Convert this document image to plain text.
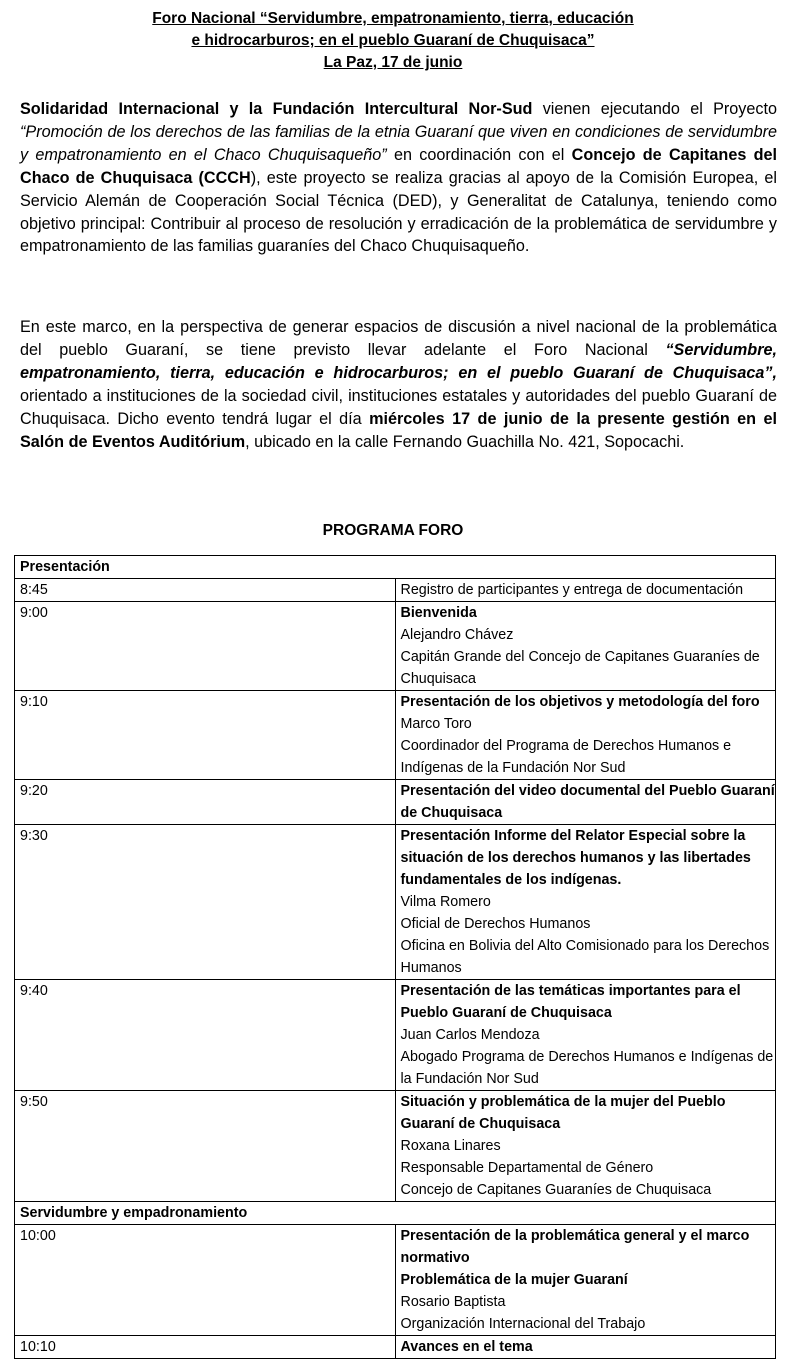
Foro Nacional “Servidumbre, empatronamiento, tierra, educación
e hidrocarburos; en el pueblo Guaraní de Chuquisaca”
La Paz, 17 de junio
Solidaridad Internacional y la Fundación Intercultural Nor-Sud vienen ejecutando el Proyecto “Promoción de los derechos de las familias de la etnia Guaraní que viven en condiciones de servidumbre y empatronamiento en el Chaco Chuquisaqueño” en coordinación con el Concejo de Capitanes del Chaco de Chuquisaca (CCCH), este proyecto se realiza gracias al apoyo de la Comisión Europea, el Servicio Alemán de Cooperación Social Técnica (DED), y Generalitat de Catalunya, teniendo como objetivo principal: Contribuir al proceso de resolución y erradicación de la problemática de servidumbre y empatronamiento de las familias guaraníes del Chaco Chuquisaqueño.
En este marco, en la perspectiva de generar espacios de discusión a nivel nacional de la problemática del pueblo Guaraní, se tiene previsto llevar adelante el Foro Nacional “Servidumbre, empatronamiento, tierra, educación e hidrocarburos; en el pueblo Guaraní de Chuquisaca”, orientado a instituciones de la sociedad civil, instituciones estatales y autoridades del pueblo Guaraní de Chuquisaca. Dicho evento tendrá lugar el día miércoles 17 de junio de la presente gestión en el Salón de Eventos Auditórium, ubicado en la calle Fernando Guachilla No. 421, Sopocachi.
PROGRAMA FORO
Presentación	
8:45	Registro de participantes y entrega de documentación
9:00	Bienvenida
Alejandro Chávez
Capitán Grande del Concejo de Capitanes Guaraníes de Chuquisaca

9:10	Presentación de los objetivos y metodología del foro
Marco Toro
Coordinador del Programa de Derechos Humanos e Indígenas de la Fundación Nor Sud

9:20	Presentación del video documental del Pueblo Guaraní de Chuquisaca

9:30	Presentación Informe del Relator Especial sobre la situación de los derechos humanos y las libertades fundamentales de los indígenas.
Vilma Romero
Oficial de Derechos Humanos
Oficina en Bolivia del Alto Comisionado para los Derechos Humanos

9:40	Presentación de las temáticas importantes para el Pueblo Guaraní de Chuquisaca
Juan Carlos Mendoza
Abogado Programa de Derechos Humanos e Indígenas de la Fundación Nor Sud

9:50	Situación y problemática de la mujer del Pueblo Guaraní de Chuquisaca
Roxana Linares
Responsable Departamental de Género
Concejo de Capitanes Guaraníes de Chuquisaca

Servidumbre y empadronamiento	
10:00	Presentación de la problemática general y el marco normativo
Problemática de la mujer Guaraní
Rosario Baptista
Organización Internacional del Trabajo

10:10	Avances en el tema
